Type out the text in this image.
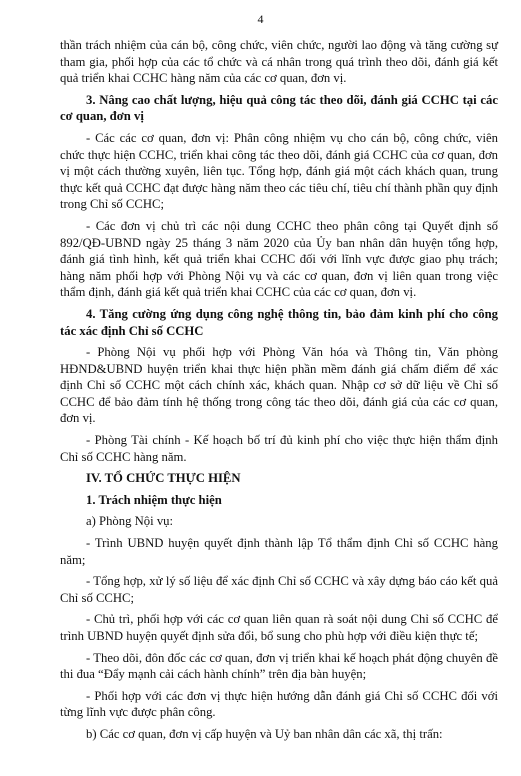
4

thần trách nhiệm của cán bộ, công chức, viên chức, người lao động và tăng cường sự tham gia, phối hợp của các tổ chức và cá nhân trong quá trình theo dõi, đánh giá kết quả triển khai CCHC hàng năm của các cơ quan, đơn vị.

3. Nâng cao chất lượng, hiệu quả công tác theo dõi, đánh giá CCHC tại các cơ quan, đơn vị

- Các các cơ quan, đơn vị: Phân công nhiệm vụ cho cán bộ, công chức, viên chức thực hiện CCHC, triển khai công tác theo dõi, đánh giá CCHC của cơ quan, đơn vị một cách thường xuyên, liên tục. Tổng hợp, đánh giá một cách khách quan, trung thực kết quả CCHC đạt được hàng năm theo các tiêu chí, tiêu chí thành phần quy định trong Chỉ số CCHC;

- Các đơn vị chủ trì các nội dung CCHC theo phân công tại Quyết định số 892/QĐ-UBND ngày 25 tháng 3 năm 2020 của Ủy ban nhân dân huyện tổng hợp, đánh giá tình hình, kết quả triển khai CCHC đối với lĩnh vực được giao phụ trách; hàng năm phối hợp với Phòng Nội vụ và các cơ quan, đơn vị liên quan trong việc thẩm định, đánh giá kết quả triển khai CCHC của các cơ quan, đơn vị.

4. Tăng cường ứng dụng công nghệ thông tin, bảo đảm kinh phí cho công tác xác định Chỉ số CCHC

- Phòng Nội vụ phối hợp với Phòng Văn hóa và Thông tin, Văn phòng HĐND&UBND huyện triển khai thực hiện phần mềm đánh giá chấm điểm để xác định Chỉ số CCHC một cách chính xác, khách quan. Nhập cơ sở dữ liệu về Chỉ số CCHC để bảo đảm tính hệ thống trong công tác theo dõi, đánh giá của các cơ quan, đơn vị.

- Phòng Tài chính - Kế hoạch bố trí đủ kinh phí cho việc thực hiện thẩm định Chỉ số CCHC hàng năm.

IV. TỔ CHỨC THỰC HIỆN

1. Trách nhiệm thực hiện

a) Phòng Nội vụ:

- Trình UBND huyện quyết định thành lập Tổ thẩm định Chỉ số CCHC hàng năm;

- Tổng hợp, xử lý số liệu để xác định Chỉ số CCHC và xây dựng báo cáo kết quả Chỉ số CCHC;

- Chủ trì, phối hợp với các cơ quan liên quan rà soát nội dung Chỉ số CCHC để trình UBND huyện quyết định sửa đổi, bổ sung cho phù hợp với điều kiện thực tế;

- Theo dõi, đôn đốc các cơ quan, đơn vị triển khai kế hoạch phát động chuyên đề thi đua “Đẩy mạnh cải cách hành chính” trên địa bàn huyện;

- Phối hợp với các đơn vị thực hiện hướng dẫn đánh giá Chỉ số CCHC đối với từng lĩnh vực được phân công.

b) Các cơ quan, đơn vị cấp huyện và Uỷ ban nhân dân các xã, thị trấn:
